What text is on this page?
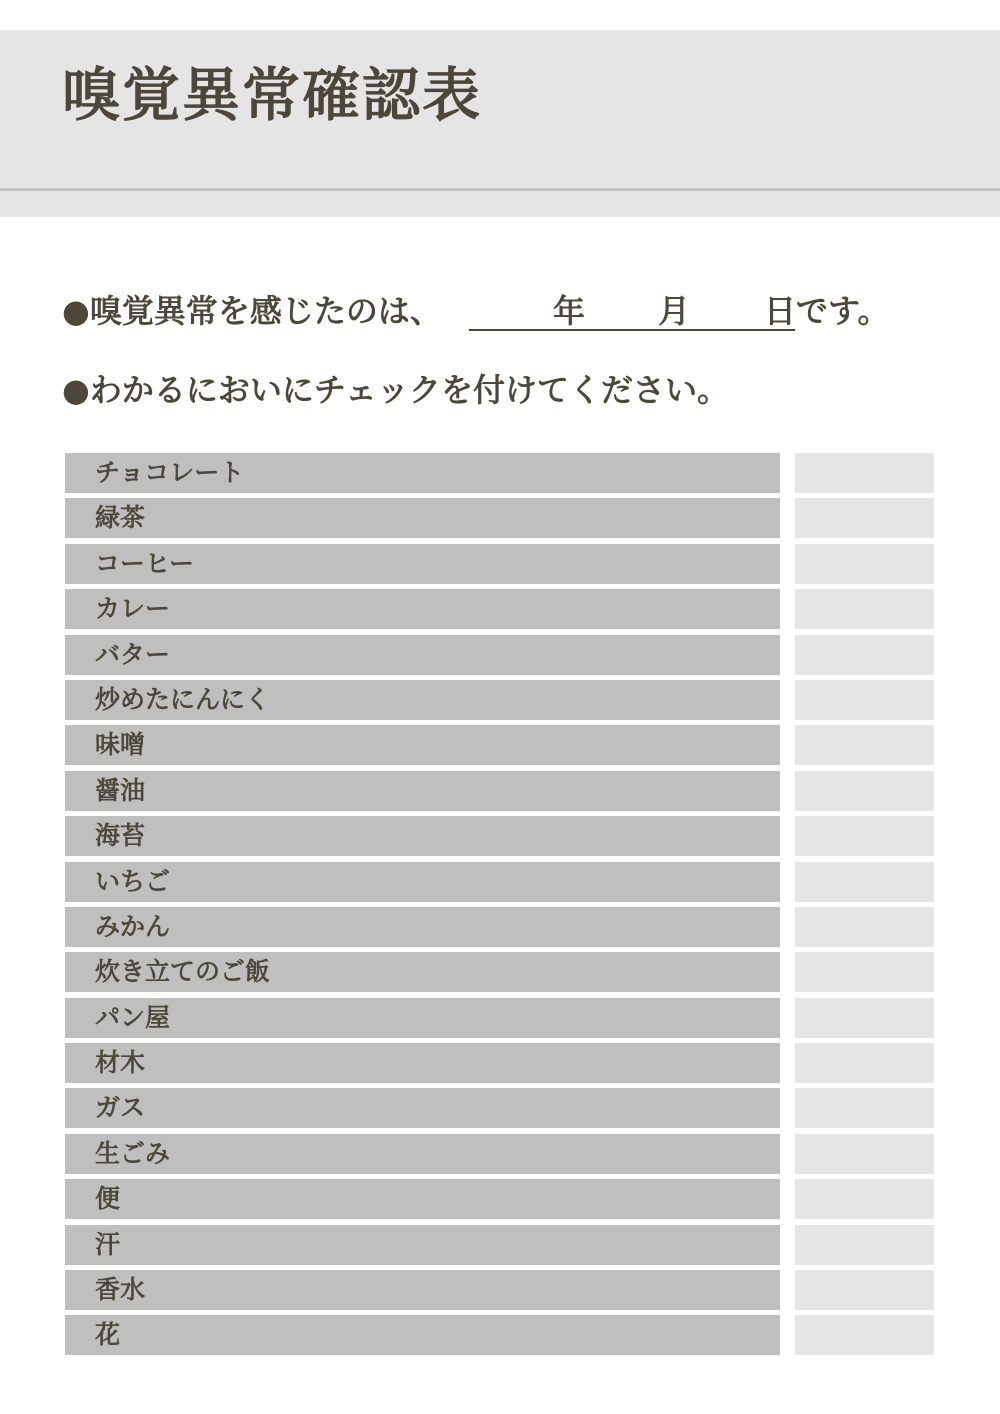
嗅覚異常確認表
●嗅覚異常を感じたのは、	年 月 日 です。
●わかるにおいにチェックを付けてください。
チョコレート
緑茶
コーヒー
カレー
バター
炒めたにんにく
味噌
醤油
海苔
いちご
みかん
炊き立てのご飯
パン屋
材木
ガス
生ごみ
便
汗
香水
花
